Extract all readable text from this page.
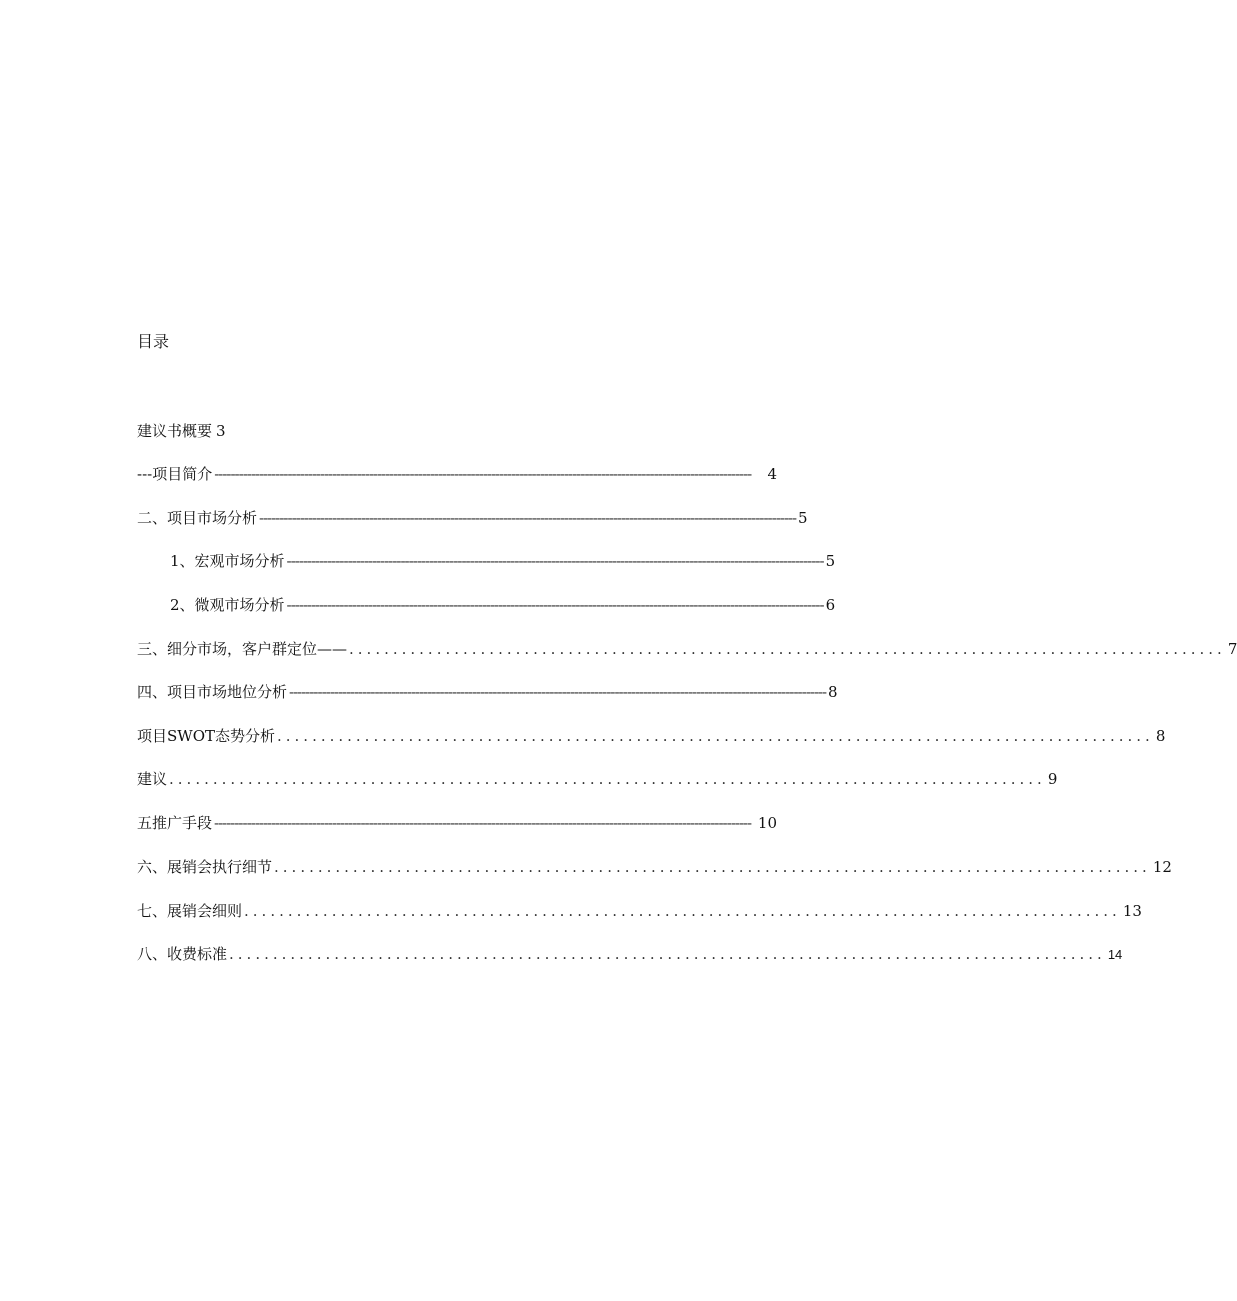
目录
建议书概要 3
---项目简介 ------------------------------------------------------------------------------------------------------------------------------------	4
二、项目市场分析 ------------------------------------------------------------------------------------------------------------------------------------ 5
1、宏观市场分析 ------------------------------------------------------------------------------------------------------------------------------------ 5
2、微观市场分析 ------------------------------------------------------------------------------------------------------------------------------------ 6
三、细分市场，客户群定位—— .................................................................................................... 7
四、项目市场地位分析 ------------------------------------------------------------------------------------------------------------------------------------ 8
项目SWOT态势分析 .................................................................................................... 8
建议 .................................................................................................... 9
五推广手段 ------------------------------------------------------------------------------------------------------------------------------------ 10
六、展销会执行细节 .................................................................................................... 12
七、展销会细则 .................................................................................................... 13
八、收费标准 .................................................................................................... 14
